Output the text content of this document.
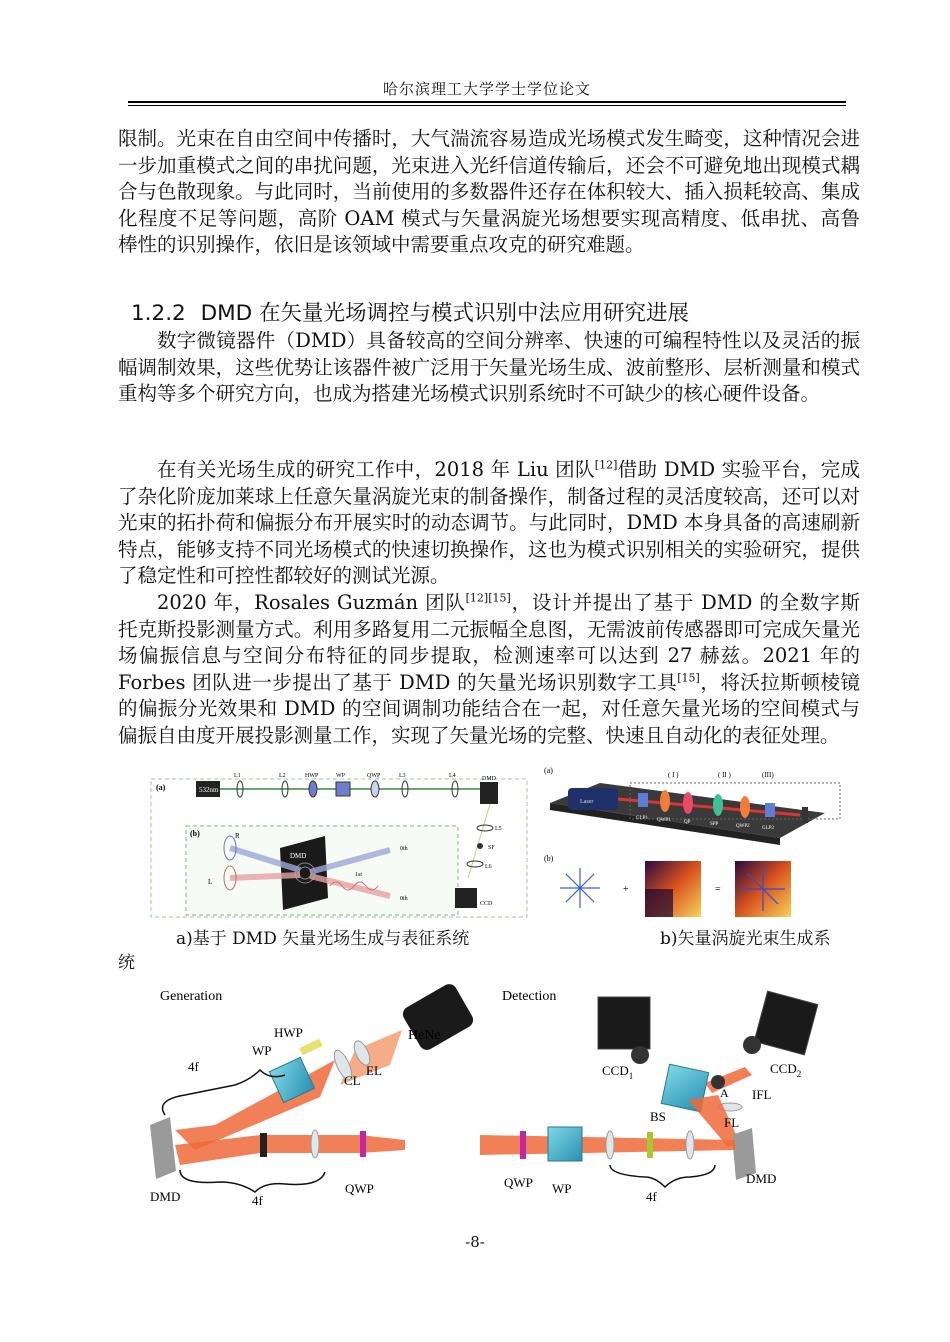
哈尔滨理工大学学士学位论文
限制。光束在自由空间中传播时，大气湍流容易造成光场模式发生畸变，这种情况会进一步加重模式之间的串扰问题，光束进入光纤信道传输后，还会不可避免地出现模式耦合与色散现象。与此同时，当前使用的多数器件还存在体积较大、插入损耗较高、集成化程度不足等问题，高阶 OAM 模式与矢量涡旋光场想要实现高精度、低串扰、高鲁棒性的识别操作，依旧是该领域中需要重点攻克的研究难题。
1.2.2 DMD 在矢量光场调控与模式识别中法应用研究进展
数字微镜器件（DMD）具备较高的空间分辨率、快速的可编程特性以及灵活的振幅调制效果，这些优势让该器件被广泛用于矢量光场生成、波前整形、层析测量和模式重构等多个研究方向，也成为搭建光场模式识别系统时不可缺少的核心硬件设备。
在有关光场生成的研究工作中，2018 年 Liu 团队[12]借助 DMD 实验平台，完成了杂化阶庞加莱球上任意矢量涡旋光束的制备操作，制备过程的灵活度较高，还可以对光束的拓扑荷和偏振分布开展实时的动态调节。与此同时，DMD 本身具备的高速刷新特点，能够支持不同光场模式的快速切换操作，这也为模式识别相关的实验研究，提供了稳定性和可控性都较好的测试光源。
2020 年，Rosales Guzmán 团队[12][15]，设计并提出了基于 DMD 的全数字斯托克斯投影测量方式。利用多路复用二元振幅全息图，无需波前传感器即可完成矢量光场偏振信息与空间分布特征的同步提取，检测速率可以达到 27 赫兹。2021 年的 Forbes 团队进一步提出了基于 DMD 的矢量光场识别数字工具[15]，将沃拉斯顿棱镜的偏振分光效果和 DMD 的空间调制功能结合在一起，对任意矢量光场的空间模式与偏振自由度开展投影测量工作，实现了矢量光场的完整、快速且自动化的表征处理。
(a)
(b)
532nm
L1	L2	HWP	WP	QWP	L3	L4	DMD
L5
SF
L6
CCD
DMD
R
L
0th
1st
0th
(a)
Laser
( I )	( II )	(III)
GLP1 QWP1	QP	SPP	QWP2 GLP2
CCD
(b)
+	=
a)基于 DMD 矢量光场生成与表征系统	b)矢量涡旋光束生成系
统
Generation	Detection
HeNe
HWP
WP
EL
CL
4f
DMD	4f
QWP
$CCD_1$	$CCD_2$
IFL
A
BS	FL
DMD
QWP WP
4f
-8-
